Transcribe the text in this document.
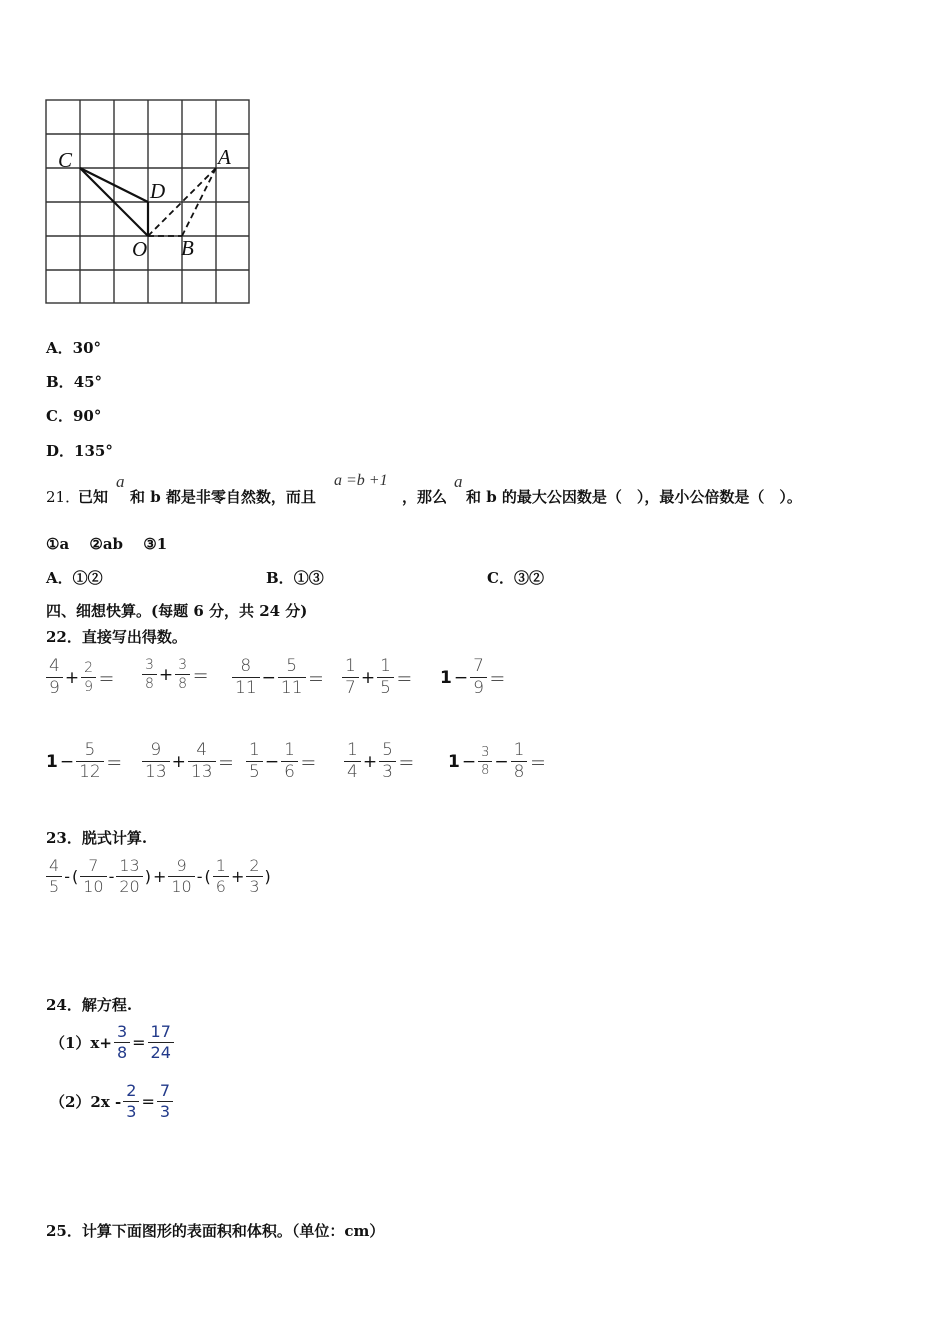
C	A
D
O B
A．30°
B．45°
C．90°
D．135°
21．
已知
a
和 b 都是非零自然数，而且
a =b +1
，那么
a
和 b 的最大公因数是（　），最小公倍数是（　）。
①a　 ②ab　 ③1
A．①②	B．①③	C．③②
四、细想快算。(每题 6 分，共 24 分)
22．直接写出得数。
$\frac{4}{9} + \frac{2}{9} = \frac{3}{8} + \frac{3}{8} = \frac{8}{11} - \frac{5}{11} = \frac{1}{7} + \frac{1}{5} = 1 - \frac{7}{9}$ ＝
$1 - \frac{5}{12} = \frac{9}{13} + \frac{4}{13} = \frac{1}{5} - \frac{1}{6} = \frac{1}{4} + \frac{5}{3} = 1 - \frac{3}{8} - \frac{1}{8}$ ＝
23．脱式计算.
$\frac{4}{5}$ - ( $\frac{7}{10} - \frac{13}{20}$ ) + $\frac{9}{10}$ - ( $\frac{1}{6} + \frac{2}{3}$ )
24．解方程.
$(1)x+ \frac{3}{8} = \frac{17}{24}$
$(2)2x - \frac{2}{3} = \frac{7}{3}$
25．计算下面图形的表面积和体积。（单位：cm）
